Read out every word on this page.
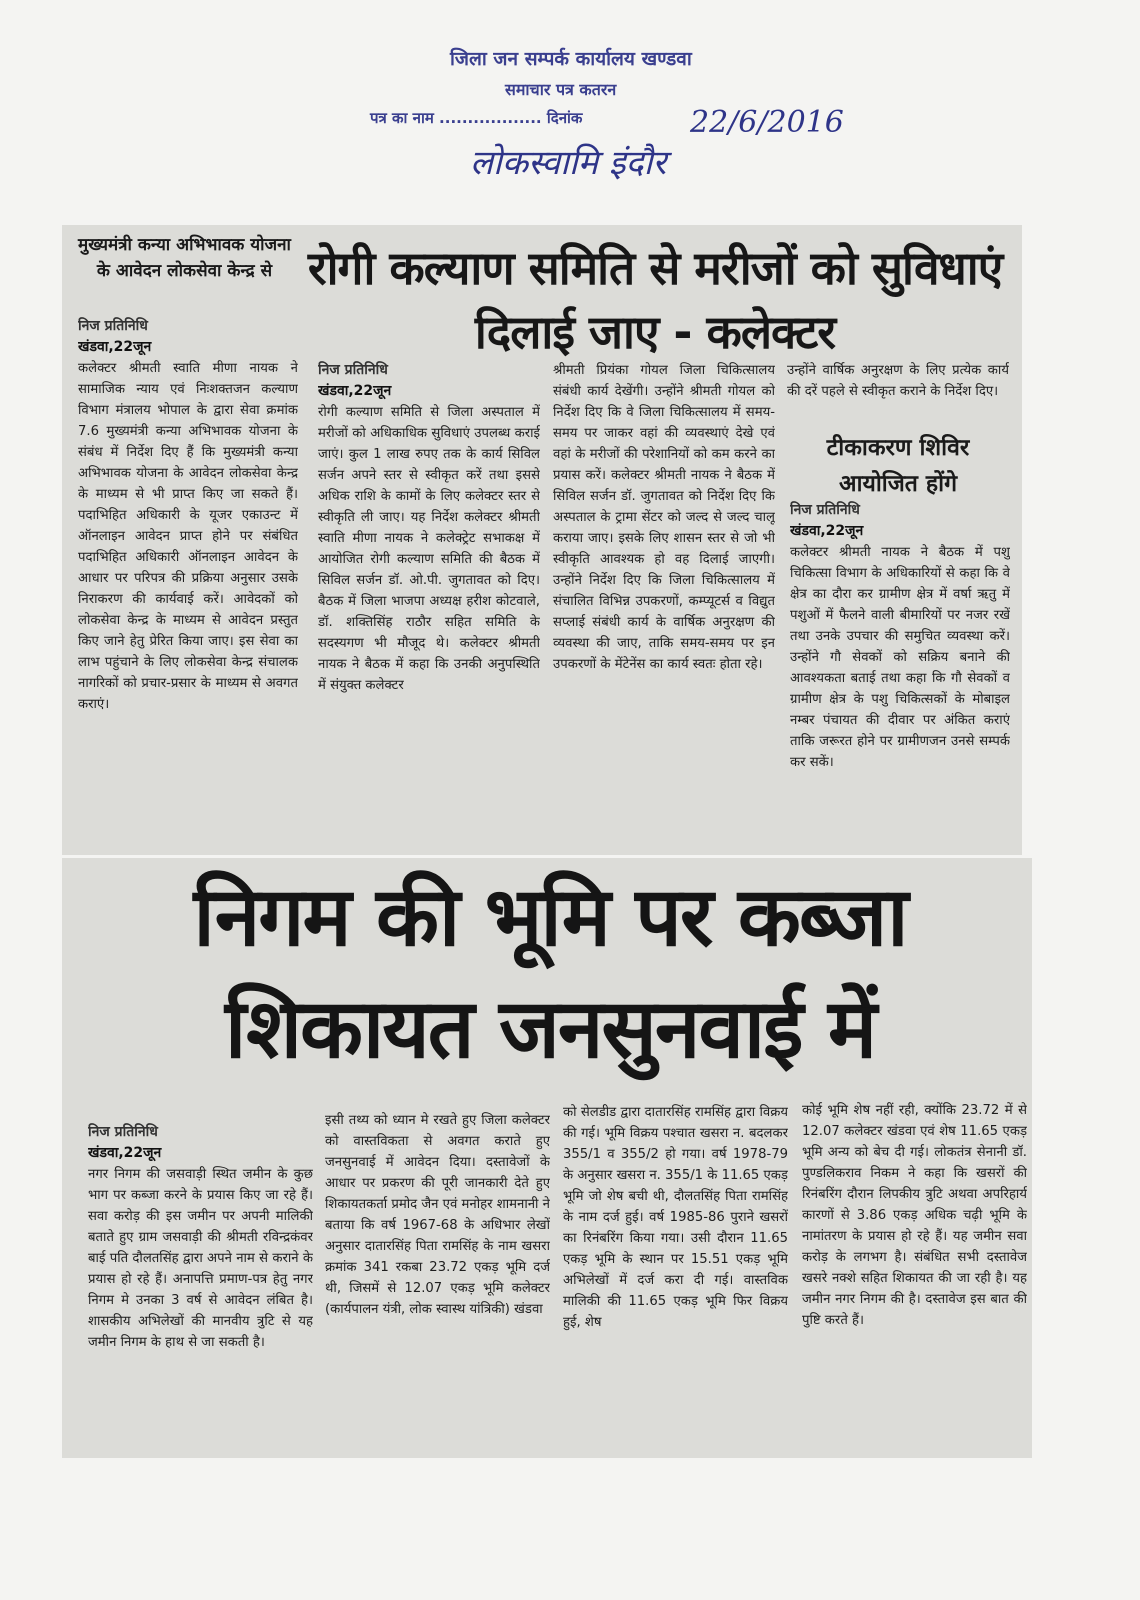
जिला जन सम्पर्क कार्यालय खण्डवा
समाचार पत्र कतरन
पत्र का नाम .................. दिनांक	22/6/2016
लोकस्वामि इंदौर
मुख्यमंत्री कन्या अभिभावक योजना के आवेदन लोकसेवा केन्द्र से

निज प्रतिनिधि

खंडवा,22जून

कलेक्टर श्रीमती स्वाति मीणा नायक ने सामाजिक न्याय एवं निःशक्तजन कल्याण विभाग मंत्रालय भोपाल के द्वारा सेवा क्रमांक 7.6 मुख्यमंत्री कन्या अभिभावक योजना के संबंध में निर्देश दिए हैं कि मुख्यमंत्री कन्या अभिभावक योजना के आवेदन लोकसेवा केन्द्र के माध्यम से भी प्राप्त किए जा सकते हैं। पदाभिहित अधिकारी के यूजर एकाउन्ट में ऑनलाइन आवेदन प्राप्त होने पर संबंधित पदाभिहित अधिकारी ऑनलाइन आवेदन के आधार पर परिपत्र की प्रक्रिया अनुसार उसके निराकरण की कार्यवाई करें। आवेदकों को लोकसेवा केन्द्र के माध्यम से आवेदन प्रस्तुत किए जाने हेतु प्रेरित किया जाए। इस सेवा का लाभ पहुंचाने के लिए लोकसेवा केन्द्र संचालक नागरिकों को प्रचार-प्रसार के माध्यम से अवगत कराएं।

रोगी कल्याण समिति से मरीजों को सुविधाएं दिलाई जाए - कलेक्टर

निज प्रतिनिधि

खंडवा,22जून

रोगी कल्याण समिति से जिला अस्पताल में मरीजों को अधिकाधिक सुविधाएं उपलब्ध कराई जाएं। कुल 1 लाख रुपए तक के कार्य सिविल सर्जन अपने स्तर से स्वीकृत करें तथा इससे अधिक राशि के कामों के लिए कलेक्टर स्तर से स्वीकृति ली जाए। यह निर्देश कलेक्टर श्रीमती स्वाति मीणा नायक ने कलेक्ट्रेट सभाकक्ष में आयोजित रोगी कल्याण समिति की बैठक में सिविल सर्जन डॉ. ओ.पी. जुगतावत को दिए। बैठक में जिला भाजपा अध्यक्ष हरीश कोटवाले, डॉ. शक्तिसिंह राठौर सहित समिति के सदस्यगण भी मौजूद थे। कलेक्टर श्रीमती नायक ने बैठक में कहा कि उनकी अनुपस्थिति में संयुक्त कलेक्टर

श्रीमती प्रियंका गोयल जिला चिकित्सालय संबंधी कार्य देखेंगी। उन्होंने श्रीमती गोयल को निर्देश दिए कि वे जिला चिकित्सालय में समय-समय पर जाकर वहां की व्यवस्थाएं देखे एवं वहां के मरीजों की परेशानियों को कम करने का प्रयास करें। कलेक्टर श्रीमती नायक ने बैठक में सिविल सर्जन डॉ. जुगतावत को निर्देश दिए कि अस्पताल के ट्रामा सेंटर को जल्द से जल्द चालू कराया जाए। इसके लिए शासन स्तर से जो भी स्वीकृति आवश्यक हो वह दिलाई जाएगी। उन्होंने निर्देश दिए कि जिला चिकित्सालय में संचालित विभिन्न उपकरणों, कम्प्यूटर्स व विद्युत सप्लाई संबंधी कार्य के वार्षिक अनुरक्षण की व्यवस्था की जाए, ताकि समय-समय पर इन उपकरणों के मेंटेनेंस का कार्य स्वतः होता रहे।

उन्होंने वार्षिक अनुरक्षण के लिए प्रत्येक कार्य की दरें पहले से स्वीकृत कराने के निर्देश दिए।

टीकाकरण शिविर आयोजित होंगे

निज प्रतिनिधि

खंडवा,22जून

कलेक्टर श्रीमती नायक ने बैठक में पशु चिकित्सा विभाग के अधिकारियों से कहा कि वे क्षेत्र का दौरा कर ग्रामीण क्षेत्र में वर्षा ऋतु में पशुओं में फैलने वाली बीमारियों पर नजर रखें तथा उनके उपचार की समुचित व्यवस्था करें। उन्होंने गौ सेवकों को सक्रिय बनाने की आवश्यकता बताई तथा कहा कि गौ सेवकों व ग्रामीण क्षेत्र के पशु चिकित्सकों के मोबाइल नम्बर पंचायत की दीवार पर अंकित कराएं ताकि जरूरत होने पर ग्रामीणजन उनसे सम्पर्क कर सकें।

निगम की भूमि पर कब्जा शिकायत जनसुनवाई में

निज प्रतिनिधि

खंडवा,22जून

नगर निगम की जसवाड़ी स्थित जमीन के कुछ भाग पर कब्जा करने के प्रयास किए जा रहे हैं। सवा करोड़ की इस जमीन पर अपनी मालिकी बताते हुए ग्राम जसवाड़ी की श्रीमती रविन्द्रकंवर बाई पति दौलतसिंह द्वारा अपने नाम से कराने के प्रयास हो रहे हैं। अनापत्ति प्रमाण-पत्र हेतु नगर निगम मे उनका 3 वर्ष से आवेदन लंबित है। शासकीय अभिलेखों की मानवीय त्रुटि से यह जमीन निगम के हाथ से जा सकती है।

इसी तथ्य को ध्यान मे रखते हुए जिला कलेक्टर को वास्तविकता से अवगत कराते हुए जनसुनवाई में आवेदन दिया। दस्तावेजों के आधार पर प्रकरण की पूरी जानकारी देते हुए शिकायतकर्ता प्रमोद जैन एवं मनोहर शामनानी ने बताया कि वर्ष 1967-68 के अधिभार लेखों अनुसार दातारसिंह पिता रामसिंह के नाम खसरा क्रमांक 341 रकबा 23.72 एकड़ भूमि दर्ज थी, जिसमें से 12.07 एकड़ भूमि कलेक्टर (कार्यपालन यंत्री, लोक स्वास्थ यांत्रिकी) खंडवा

को सेलडीड द्वारा दातारसिंह रामसिंह द्वारा विक्रय की गई। भूमि विक्रय पश्चात खसरा न. बदलकर 355/1 व 355/2 हो गया। वर्ष 1978-79 के अनुसार खसरा न. 355/1 के 11.65 एकड़ भूमि जो शेष बची थी, दौलतसिंह पिता रामसिंह के नाम दर्ज हुई। वर्ष 1985-86 पुराने खसरों का रिनंबरिंग किया गया। उसी दौरान 11.65 एकड़ भूमि के स्थान पर 15.51 एकड़ भूमि अभिलेखों में दर्ज करा दी गई। वास्तविक मालिकी की 11.65 एकड़ भूमि फिर विक्रय हुई, शेष

कोई भूमि शेष नहीं रही, क्योंकि 23.72 में से 12.07 कलेक्टर खंडवा एवं शेष 11.65 एकड़ भूमि अन्य को बेच दी गई। लोकतंत्र सेनानी डॉ. पुण्डलिकराव निकम ने कहा कि खसरों की रिनंबरिंग दौरान लिपकीय त्रुटि अथवा अपरिहार्य कारणों से 3.86 एकड़ अधिक चढ़ी भूमि के नामांतरण के प्रयास हो रहे हैं। यह जमीन सवा करोड़ के लगभग है। संबंधित सभी दस्तावेज खसरे नक्शे सहित शिकायत की जा रही है। यह जमीन नगर निगम की है। दस्तावेज इस बात की पुष्टि करते हैं।
